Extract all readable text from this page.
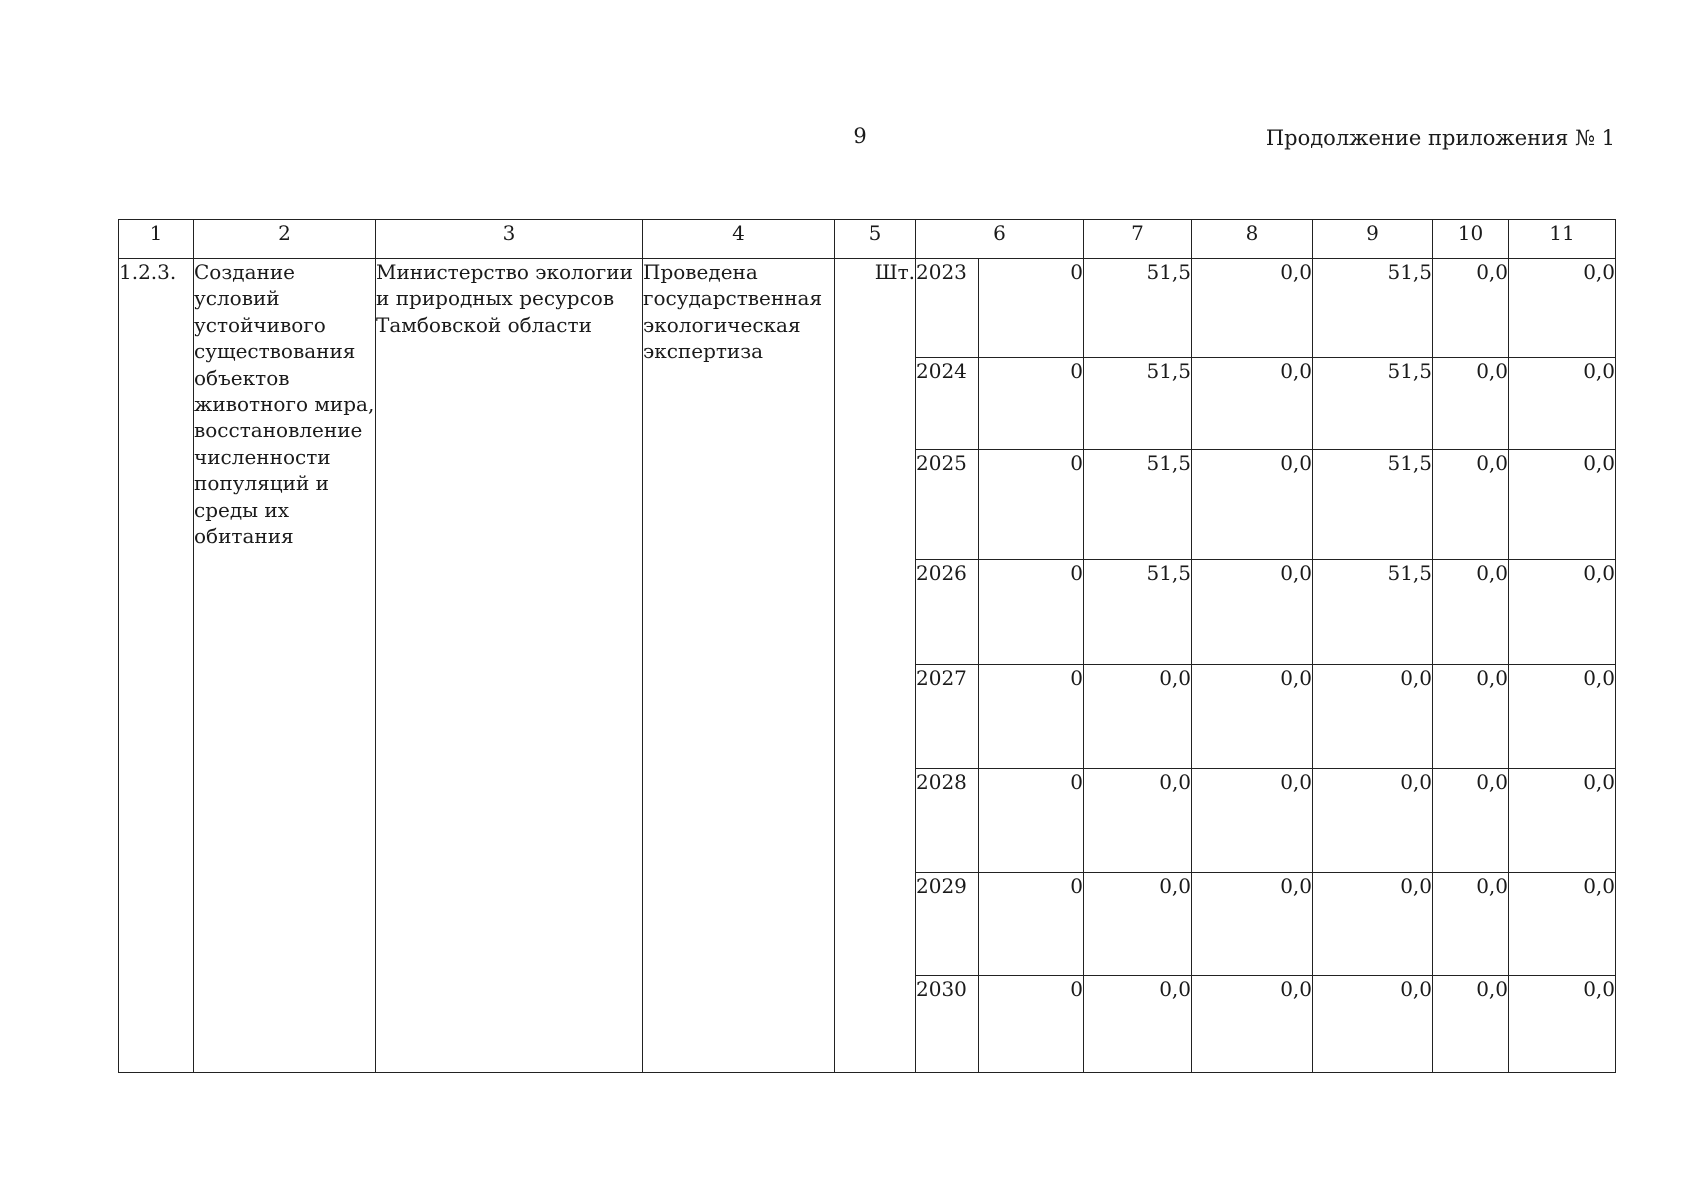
9	Продолжение приложения № 1
1	2	3	4	5	6		7	8	9	10	11
1.2.3.	Создание условий устойчивого существования объектов животного мира, восстановление численности популяций и среды их обитания	Министерство экологии и природных ресурсов Тамбовской области	Проведена государственная экологическая экспертиза	Шт.	2023	0	51,5	0,0	51,5	0,0	0,0
					2024	0	51,5	0,0	51,5	0,0	0,0
					2025	0	51,5	0,0	51,5	0,0	0,0
					2026	0	51,5	0,0	51,5	0,0	0,0
					2027	0	0,0	0,0	0,0	0,0	0,0
					2028	0	0,0	0,0	0,0	0,0	0,0
					2029	0	0,0	0,0	0,0	0,0	0,0
					2030	0	0,0	0,0	0,0	0,0	0,0
